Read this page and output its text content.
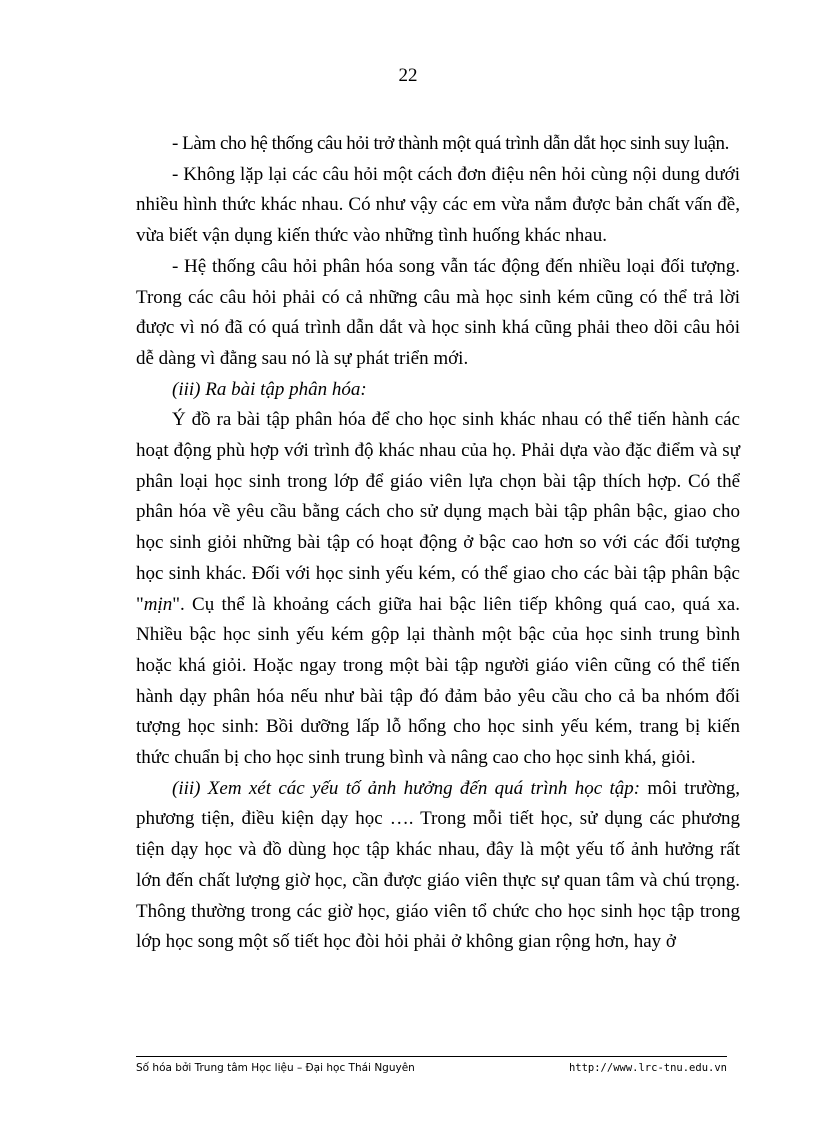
22

- Làm cho hệ thống câu hỏi trở thành một quá trình dẫn dắt học sinh suy luận.

- Không lặp lại các câu hỏi một cách đơn điệu nên hỏi cùng nội dung dưới nhiều hình thức khác nhau. Có như vậy các em vừa nắm được bản chất vấn đề, vừa biết vận dụng kiến thức vào những tình huống khác nhau.

- Hệ thống câu hỏi phân hóa song vẫn tác động đến nhiều loại đối tượng. Trong các câu hỏi phải có cả những câu mà học sinh kém cũng có thể trả lời được vì nó đã có quá trình dẫn dắt và học sinh khá cũng phải theo dõi câu hỏi dễ dàng vì đằng sau nó là sự phát triển mới.

(iii) Ra bài tập phân hóa:

Ý đồ ra bài tập phân hóa để cho học sinh khác nhau có thể tiến hành các hoạt động phù hợp với trình độ khác nhau của họ. Phải dựa vào đặc điểm và sự phân loại học sinh trong lớp để giáo viên lựa chọn bài tập thích hợp. Có thể phân hóa về yêu cầu bằng cách cho sử dụng mạch bài tập phân bậc, giao cho học sinh giỏi những bài tập có hoạt động ở bậc cao hơn so với các đối tượng học sinh khác. Đối với học sinh yếu kém, có thể giao cho các bài tập phân bậc "mịn". Cụ thể là khoảng cách giữa hai bậc liên tiếp không quá cao, quá xa. Nhiều bậc học sinh yếu kém gộp lại thành một bậc của học sinh trung bình hoặc khá giỏi. Hoặc ngay trong một bài tập người giáo viên cũng có thể tiến hành dạy phân hóa nếu như bài tập đó đảm bảo yêu cầu cho cả ba nhóm đối tượng học sinh: Bồi dưỡng lấp lỗ hổng cho học sinh yếu kém, trang bị kiến thức chuẩn bị cho học sinh trung bình và nâng cao cho học sinh khá, giỏi.

(iii) Xem xét các yếu tố ảnh hưởng đến quá trình học tập: môi trường, phương tiện, điều kiện dạy học …. Trong mỗi tiết học, sử dụng các phương tiện dạy học và đồ dùng học tập khác nhau, đây là một yếu tố ảnh hưởng rất lớn đến chất lượng giờ học, cần được giáo viên thực sự quan tâm và chú trọng. Thông thường trong các giờ học, giáo viên tổ chức cho học sinh học tập trong lớp học song một số tiết học đòi hỏi phải ở không gian rộng hơn, hay ở

Số hóa bởi Trung tâm Học liệu – Đại học Thái Nguyên	http://www.lrc-tnu.edu.vn
